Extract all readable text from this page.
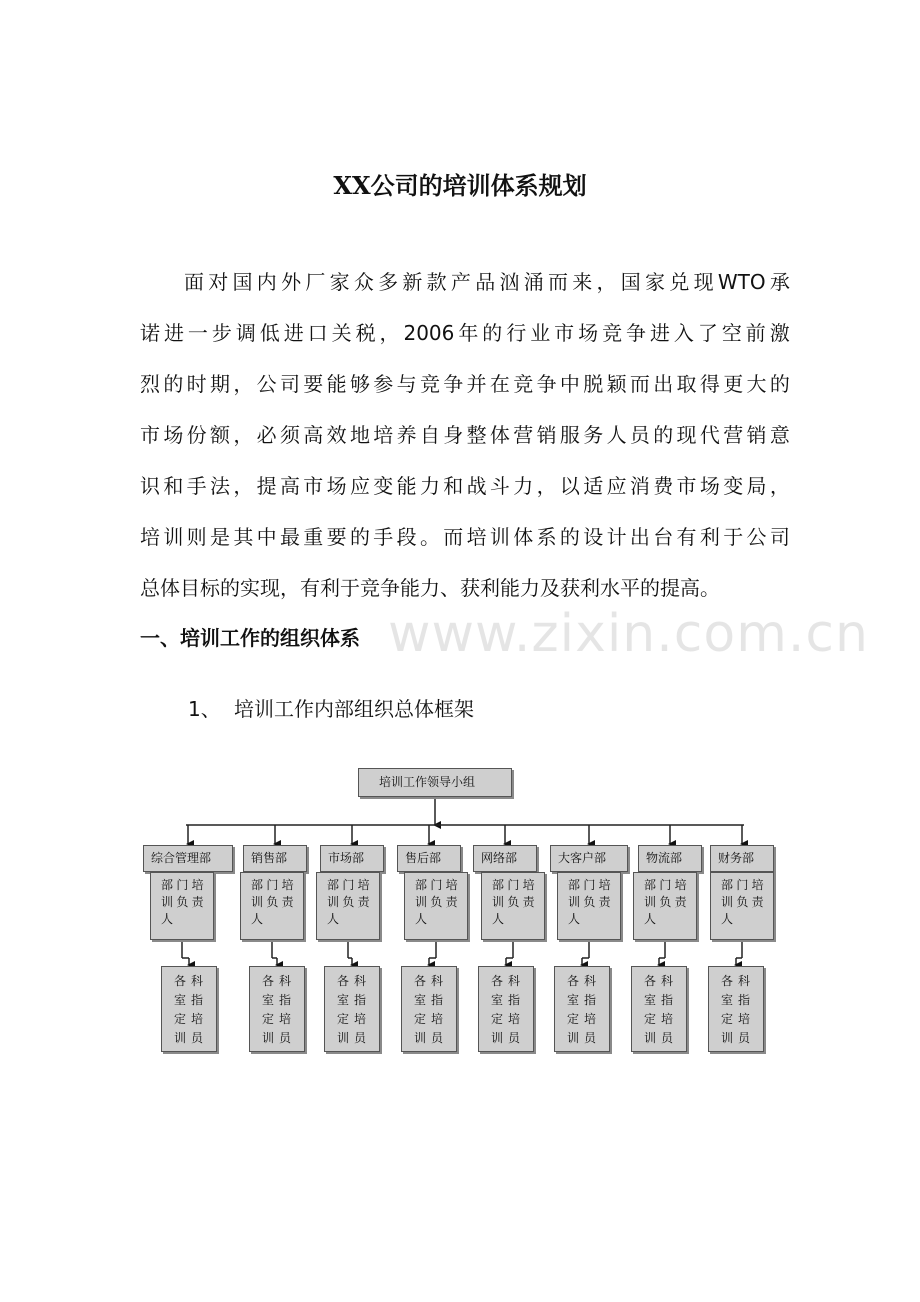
XX公司的培训体系规划
面 对 国 内 外 厂 家 众 多 新 款 产 品 汹 涌 而 来 ， 国 家 兑 现 WTO 承
诺 进 一 步 调 低 进 口 关 税 ， 2006 年 的 行 业 市 场 竞 争 进 入 了 空 前 激
烈 的 时 期 ， 公 司 要 能 够 参 与 竞 争 并 在 竞 争 中 脱 颖 而 出 取 得 更 大 的
市 场 份 额 ， 必 须 高 效 地 培 养 自 身 整 体 营 销 服 务 人 员 的 现 代 营 销 意
识 和 手 法 ， 提 高 市 场 应 变 能 力 和 战 斗 力 ， 以 适 应 消 费 市 场 变 局 ，
培 训 则 是 其 中 最 重 要 的 手 段 。 而 培 训 体 系 的 设 计 出 台 有 利 于 公 司
总体目标的实现，有利于竞争能力、获利能力及获利水平的提高。
www.zixin.com.cn
一、培训工作的组织体系
1、 培训工作内部组织总体框架
培训工作领导小组
综合管理部
部 门 培
训 负 责
人
各 科
室 指
定 培
训 员
销售部
部 门 培
训 负 责
人
各 科
室 指
定 培
训 员
市场部
部 门 培
训 负 责
人
各 科
室 指
定 培
训 员
售后部
部 门 培
训 负 责
人
各 科
室 指
定 培
训 员
网络部
部 门 培
训 负 责
人
各 科
室 指
定 培
训 员
大客户部
部 门 培
训 负 责
人
各 科
室 指
定 培
训 员
物流部
部 门 培
训 负 责
人
各 科
室 指
定 培
训 员
财务部
部 门 培
训 负 责
人
各 科
室 指
定 培
训 员
